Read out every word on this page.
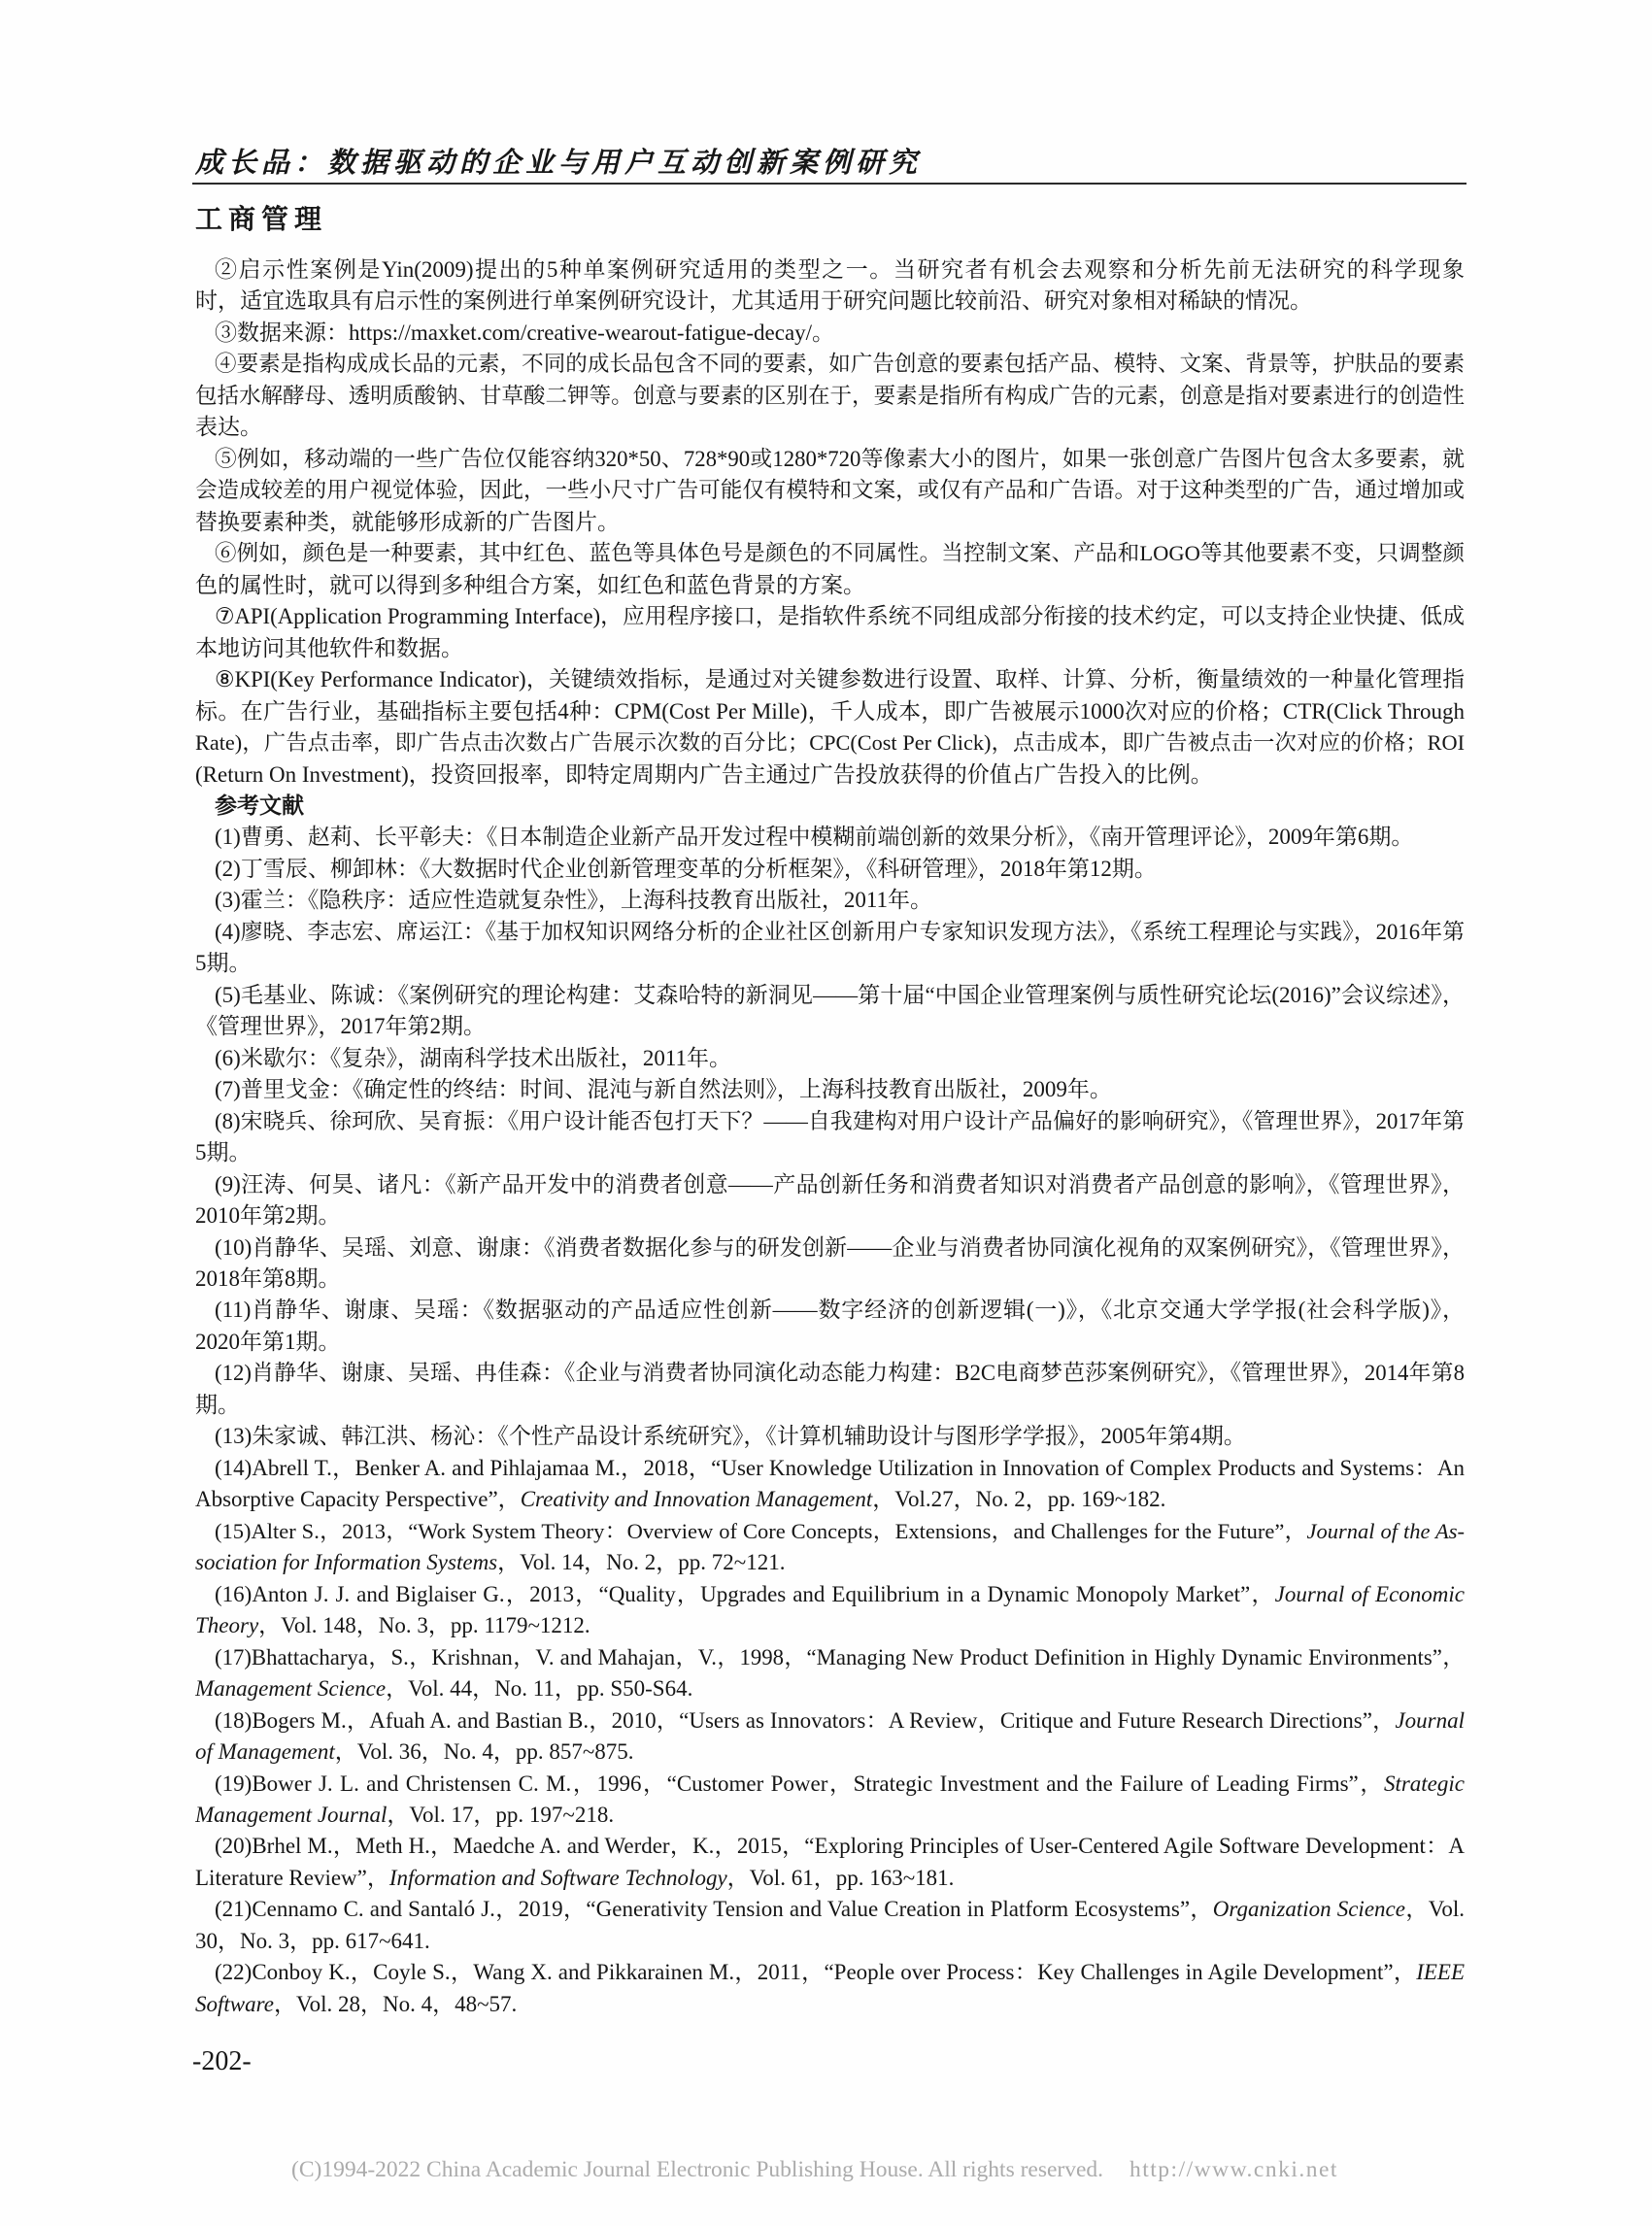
成长品：数据驱动的企业与用户互动创新案例研究
工商管理
②启示性案例是Yin(2009)提出的5种单案例研究适用的类型之一。当研究者有机会去观察和分析先前无法研究的科学现象
时，适宜选取具有启示性的案例进行单案例研究设计，尤其适用于研究问题比较前沿、研究对象相对稀缺的情况。
③数据来源：https://maxket.com/creative-wearout-fatigue-decay/。
④要素是指构成成长品的元素，不同的成长品包含不同的要素，如广告创意的要素包括产品、模特、文案、背景等，护肤品的要素
包括水解酵母、透明质酸钠、甘草酸二钾等。创意与要素的区别在于，要素是指所有构成广告的元素，创意是指对要素进行的创造性
表达。
⑤例如，移动端的一些广告位仅能容纳320*50、728*90或1280*720等像素大小的图片，如果一张创意广告图片包含太多要素，就
会造成较差的用户视觉体验，因此，一些小尺寸广告可能仅有模特和文案，或仅有产品和广告语。对于这种类型的广告，通过增加或
替换要素种类，就能够形成新的广告图片。
⑥例如，颜色是一种要素，其中红色、蓝色等具体色号是颜色的不同属性。当控制文案、产品和LOGO等其他要素不变，只调整颜
色的属性时，就可以得到多种组合方案，如红色和蓝色背景的方案。
⑦API(Application Programming Interface)，应用程序接口，是指软件系统不同组成部分衔接的技术约定，可以支持企业快捷、低成
本地访问其他软件和数据。
⑧KPI(Key Performance Indicator)，关键绩效指标，是通过对关键参数进行设置、取样、计算、分析，衡量绩效的一种量化管理指
标。在广告行业，基础指标主要包括4种：CPM(Cost Per Mille)，千人成本，即广告被展示1000次对应的价格；CTR(Click Through
Rate)，广告点击率，即广告点击次数占广告展示次数的百分比；CPC(Cost Per Click)，点击成本，即广告被点击一次对应的价格；ROI
(Return On Investment)，投资回报率，即特定周期内广告主通过广告投放获得的价值占广告投入的比例。
参考文献
(1)曹勇、赵莉、长平彰夫：《日本制造企业新产品开发过程中模糊前端创新的效果分析》，《南开管理评论》，2009年第6期。
(2)丁雪辰、柳卸林：《大数据时代企业创新管理变革的分析框架》，《科研管理》，2018年第12期。
(3)霍兰：《隐秩序：适应性造就复杂性》，上海科技教育出版社，2011年。
(4)廖晓、李志宏、席运江：《基于加权知识网络分析的企业社区创新用户专家知识发现方法》，《系统工程理论与实践》，2016年第
5期。
(5)毛基业、陈诚：《案例研究的理论构建：艾森哈特的新洞见——第十届“中国企业管理案例与质性研究论坛(2016)”会议综述》，
《管理世界》，2017年第2期。
(6)米歇尔：《复杂》，湖南科学技术出版社，2011年。
(7)普里戈金：《确定性的终结：时间、混沌与新自然法则》，上海科技教育出版社，2009年。
(8)宋晓兵、徐珂欣、吴育振：《用户设计能否包打天下？——自我建构对用户设计产品偏好的影响研究》，《管理世界》，2017年第
5期。
(9)汪涛、何昊、诸凡：《新产品开发中的消费者创意——产品创新任务和消费者知识对消费者产品创意的影响》，《管理世界》，
2010年第2期。
(10)肖静华、吴瑶、刘意、谢康：《消费者数据化参与的研发创新——企业与消费者协同演化视角的双案例研究》，《管理世界》，
2018年第8期。
(11)肖静华、谢康、吴瑶：《数据驱动的产品适应性创新——数字经济的创新逻辑(一)》，《北京交通大学学报(社会科学版)》，
2020年第1期。
(12)肖静华、谢康、吴瑶、冉佳森：《企业与消费者协同演化动态能力构建：B2C电商梦芭莎案例研究》，《管理世界》，2014年第8
期。
(13)朱家诚、韩江洪、杨沁：《个性产品设计系统研究》，《计算机辅助设计与图形学学报》，2005年第4期。
(14)Abrell T.，Benker A. and Pihlajamaa M.，2018，“User Knowledge Utilization in Innovation of Complex Products and Systems：An
Absorptive Capacity Perspective”，Creativity and Innovation Management，Vol.27，No. 2，pp. 169~182.
(15)Alter S.，2013，“Work System Theory：Overview of Core Concepts，Extensions，and Challenges for the Future”，Journal of the As-
sociation for Information Systems，Vol. 14，No. 2，pp. 72~121.
(16)Anton J. J. and Biglaiser G.，2013，“Quality，Upgrades and Equilibrium in a Dynamic Monopoly Market”，Journal of Economic
Theory，Vol. 148，No. 3，pp. 1179~1212.
(17)Bhattacharya，S.，Krishnan，V. and Mahajan，V.，1998，“Managing New Product Definition in Highly Dynamic Environments”，
Management Science，Vol. 44，No. 11，pp. S50-S64.
(18)Bogers M.，Afuah A. and Bastian B.，2010，“Users as Innovators：A Review，Critique and Future Research Directions”，Journal
of Management，Vol. 36，No. 4，pp. 857~875.
(19)Bower J. L. and Christensen C. M.，1996，“Customer Power，Strategic Investment and the Failure of Leading Firms”，Strategic
Management Journal，Vol. 17，pp. 197~218.
(20)Brhel M.，Meth H.，Maedche A. and Werder，K.，2015，“Exploring Principles of User-Centered Agile Software Development：A
Literature Review”，Information and Software Technology，Vol. 61，pp. 163~181.
(21)Cennamo C. and Santaló J.，2019，“Generativity Tension and Value Creation in Platform Ecosystems”，Organization Science，Vol.
30，No. 3，pp. 617~641.
(22)Conboy K.，Coyle S.，Wang X. and Pikkarainen M.，2011，“People over Process：Key Challenges in Agile Development”，IEEE
Software，Vol. 28，No. 4，48~57.
-202-
(C)1994-2022 China Academic Journal Electronic Publishing House. All rights reserved. http://www.cnki.net
